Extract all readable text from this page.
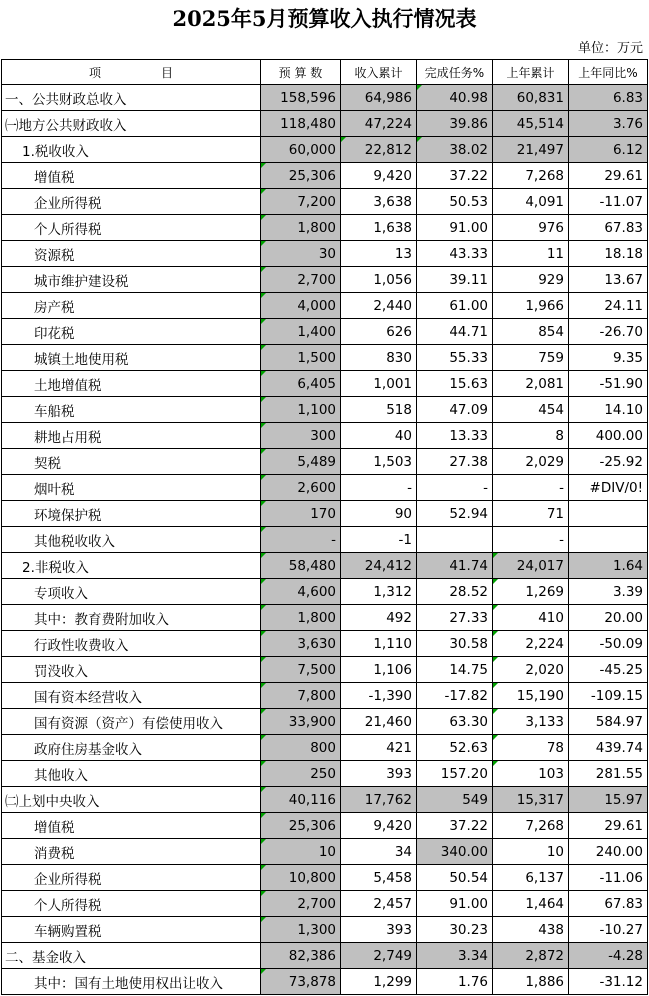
2025年5月预算收入执行情况表
单位：万元
项　　　　　目	预 算 数	收入累计	完成任务%	上年累计	上年同比%
一、公共财政总收入	158,596	64,986	40.98	60,831	6.83
㈠地方公共财政收入	118,480	47,224	39.86	45,514	3.76
1.税收收入	60,000	22,812	38.02	21,497	6.12
增值税	25,306	9,420	37.22	7,268	29.61
企业所得税	7,200	3,638	50.53	4,091	-11.07
个人所得税	1,800	1,638	91.00	976	67.83
资源税	30	13	43.33	11	18.18
城市维护建设税	2,700	1,056	39.11	929	13.67
房产税	4,000	2,440	61.00	1,966	24.11
印花税	1,400	626	44.71	854	-26.70
城镇土地使用税	1,500	830	55.33	759	9.35
土地增值税	6,405	1,001	15.63	2,081	-51.90
车船税	1,100	518	47.09	454	14.10
耕地占用税	300	40	13.33	8	400.00
契税	5,489	1,503	27.38	2,029	-25.92
烟叶税	2,600	-	-	-	#DIV/0!
环境保护税	170	90	52.94	71	
其他税收收入	-	-1		-	
2.非税收入	58,480	24,412	41.74	24,017	1.64
专项收入	4,600	1,312	28.52	1,269	3.39
其中：教育费附加收入	1,800	492	27.33	410	20.00
行政性收费收入	3,630	1,110	30.58	2,224	-50.09
罚没收入	7,500	1,106	14.75	2,020	-45.25
国有资本经营收入	7,800	-1,390	-17.82	15,190	-109.15
国有资源（资产）有偿使用收入	33,900	21,460	63.30	3,133	584.97
政府住房基金收入	800	421	52.63	78	439.74
其他收入	250	393	157.20	103	281.55
㈡上划中央收入	40,116	17,762	549	15,317	15.97
增值税	25,306	9,420	37.22	7,268	29.61
消费税	10	34	340.00	10	240.00
企业所得税	10,800	5,458	50.54	6,137	-11.06
个人所得税	2,700	2,457	91.00	1,464	67.83
车辆购置税	1,300	393	30.23	438	-10.27
二、基金收入	82,386	2,749	3.34	2,872	-4.28
其中：国有土地使用权出让收入	73,878	1,299	1.76	1,886	-31.12
